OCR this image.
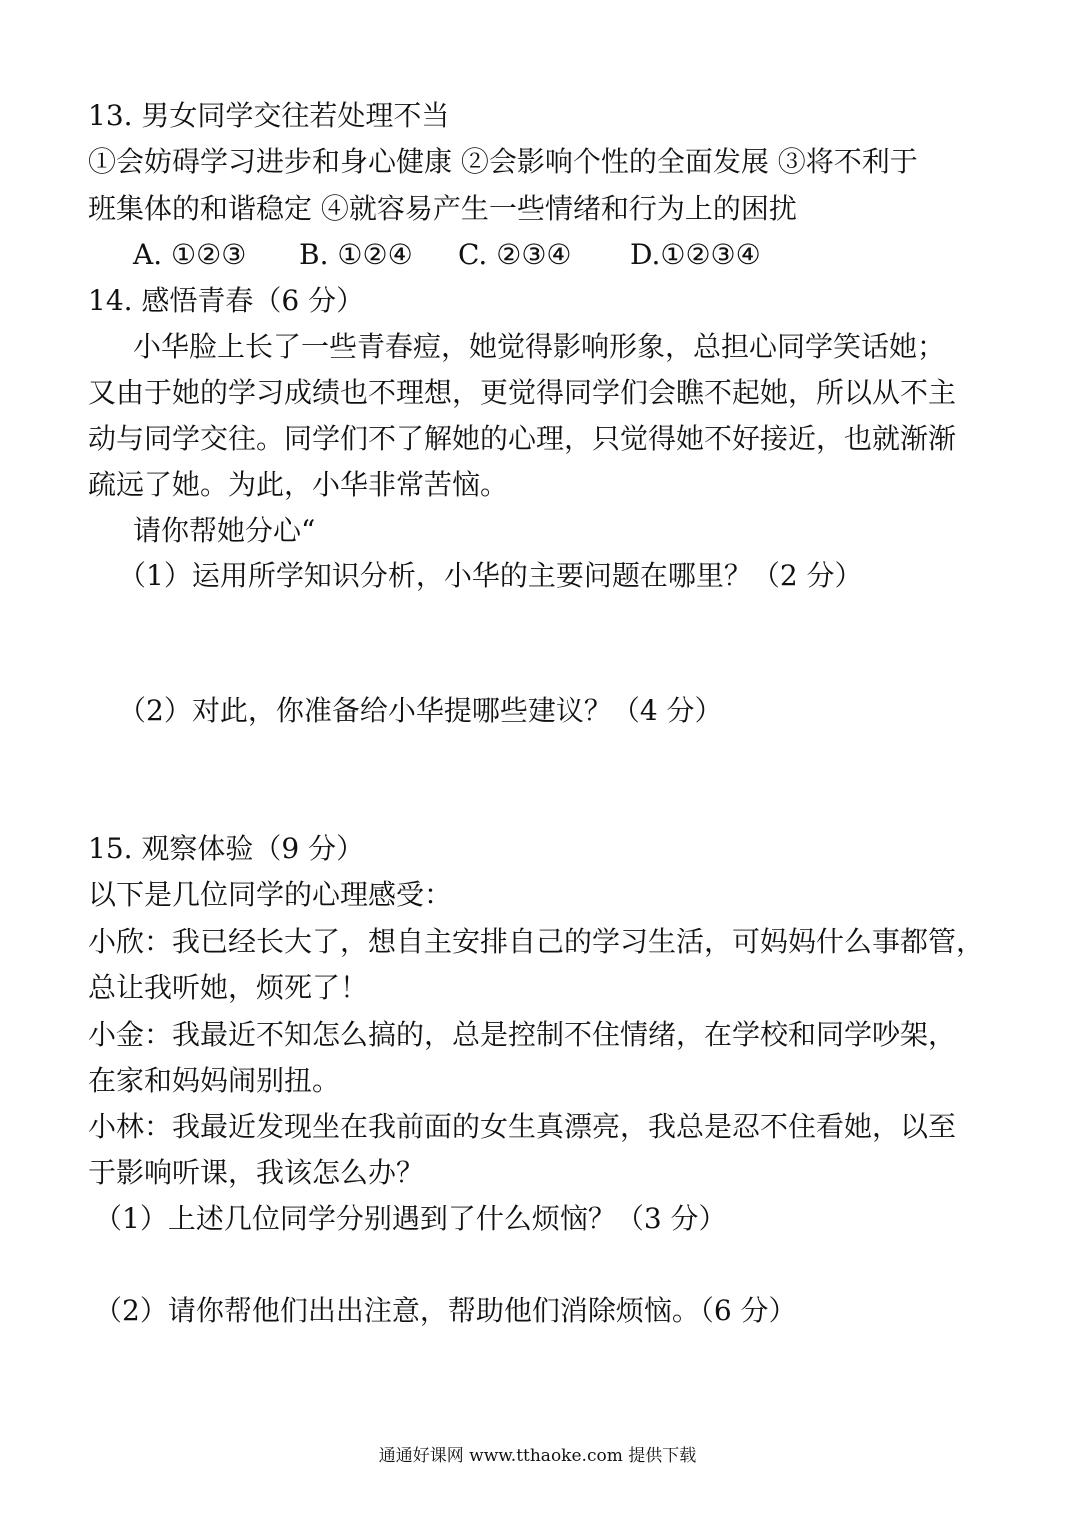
13. 男女同学交往若处理不当
①会妨碍学习进步和身心健康 ②会影响个性的全面发展 ③将不利于
班集体的和谐稳定 ④就容易产生一些情绪和行为上的困扰
A. ①②③ B. ①②④ C. ②③④ D.①②③④
14. 感悟青春（6 分）
小华脸上长了一些青春痘，她觉得影响形象，总担心同学笑话她；
又由于她的学习成绩也不理想，更觉得同学们会瞧不起她，所以从不主
动与同学交往。同学们不了解她的心理，只觉得她不好接近，也就渐渐
疏远了她。为此，小华非常苦恼。
请你帮她分心“
（1）运用所学知识分析，小华的主要问题在哪里？（2 分）
（2）对此，你准备给小华提哪些建议？（4 分）
15. 观察体验（9 分）
以下是几位同学的心理感受：
小欣：我已经长大了，想自主安排自己的学习生活，可妈妈什么事都管，
总让我听她，烦死了！
小金：我最近不知怎么搞的，总是控制不住情绪，在学校和同学吵架，
在家和妈妈闹别扭。
小林：我最近发现坐在我前面的女生真漂亮，我总是忍不住看她，以至
于影响听课，我该怎么办？
（1）上述几位同学分别遇到了什么烦恼？（3 分）
（2）请你帮他们出出注意，帮助他们消除烦恼。（6 分）
通通好课网 www.tthaoke.com 提供下载
